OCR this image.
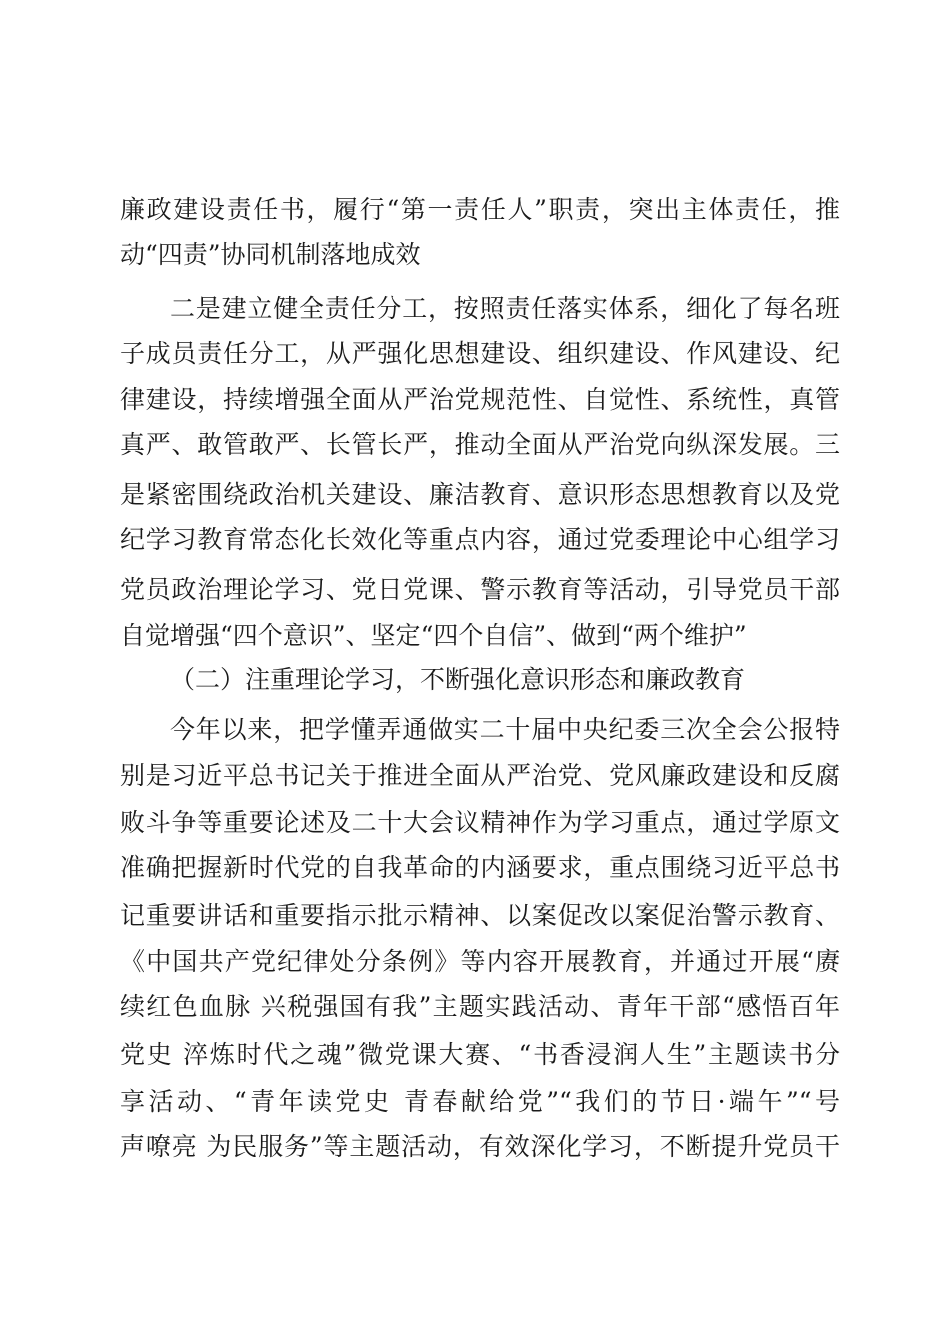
廉政建设责任书，履行“第一责任人”职责，突出主体责任，推
动“四责”协同机制落地成效
二是建立健全责任分工，按照责任落实体系，细化了每名班
子成员责任分工，从严强化思想建设、组织建设、作风建设、纪
律建设，持续增强全面从严治党规范性、自觉性、系统性，真管
真严、敢管敢严、长管长严，推动全面从严治党向纵深发展。三
是紧密围绕政治机关建设、廉洁教育、意识形态思想教育以及党
纪学习教育常态化长效化等重点内容，通过党委理论中心组学习
党员政治理论学习、党日党课、警示教育等活动，引导党员干部
自觉增强“四个意识”、坚定“四个自信”、做到“两个维护”
（二）注重理论学习，不断强化意识形态和廉政教育
今年以来，把学懂弄通做实二十届中央纪委三次全会公报特
别是习近平总书记关于推进全面从严治党、党风廉政建设和反腐
败斗争等重要论述及二十大会议精神作为学习重点，通过学原文
准确把握新时代党的自我革命的内涵要求，重点围绕习近平总书
记重要讲话和重要指示批示精神、以案促改以案促治警示教育、
《中国共产党纪律处分条例》等内容开展教育，并通过开展“赓
续红色血脉 兴税强国有我”主题实践活动、青年干部“感悟百年
党史 淬炼时代之魂”微党课大赛、“书香浸润人生”主题读书分
享活动、“青年读党史 青春献给党”“我们的节日·端午”“号
声嘹亮 为民服务”等主题活动，有效深化学习，不断提升党员干
